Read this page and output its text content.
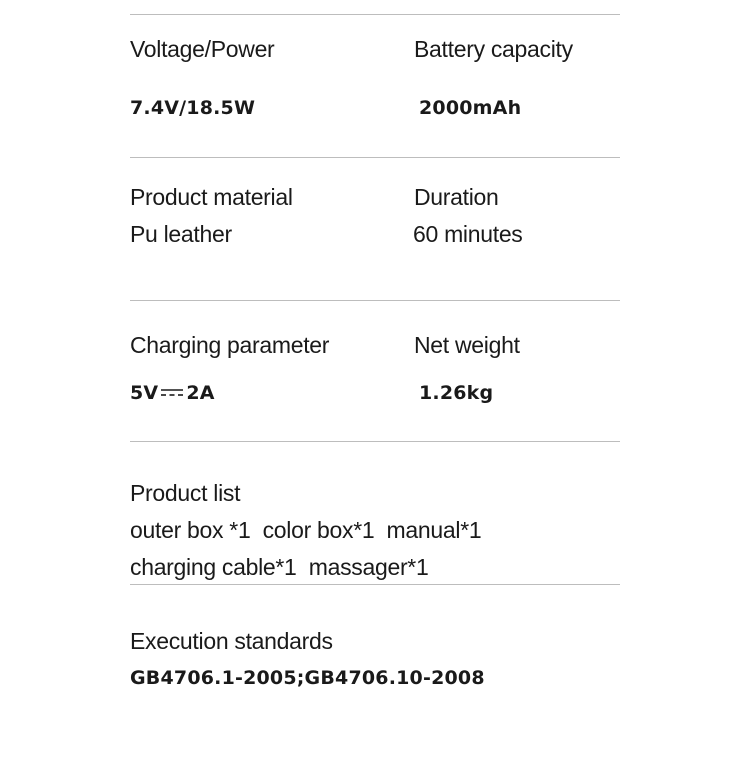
Voltage/Power	Battery capacity
7.4V/18.5W	2000mAh
Product material	Duration
Pu leather	60 minutes
Charging parameter	Net weight
5V 2A	1.26kg
Product list
outer box *1  color box*1  manual*1
charging cable*1  massager*1
Execution standards
GB4706.1-2005;GB4706.10-2008
